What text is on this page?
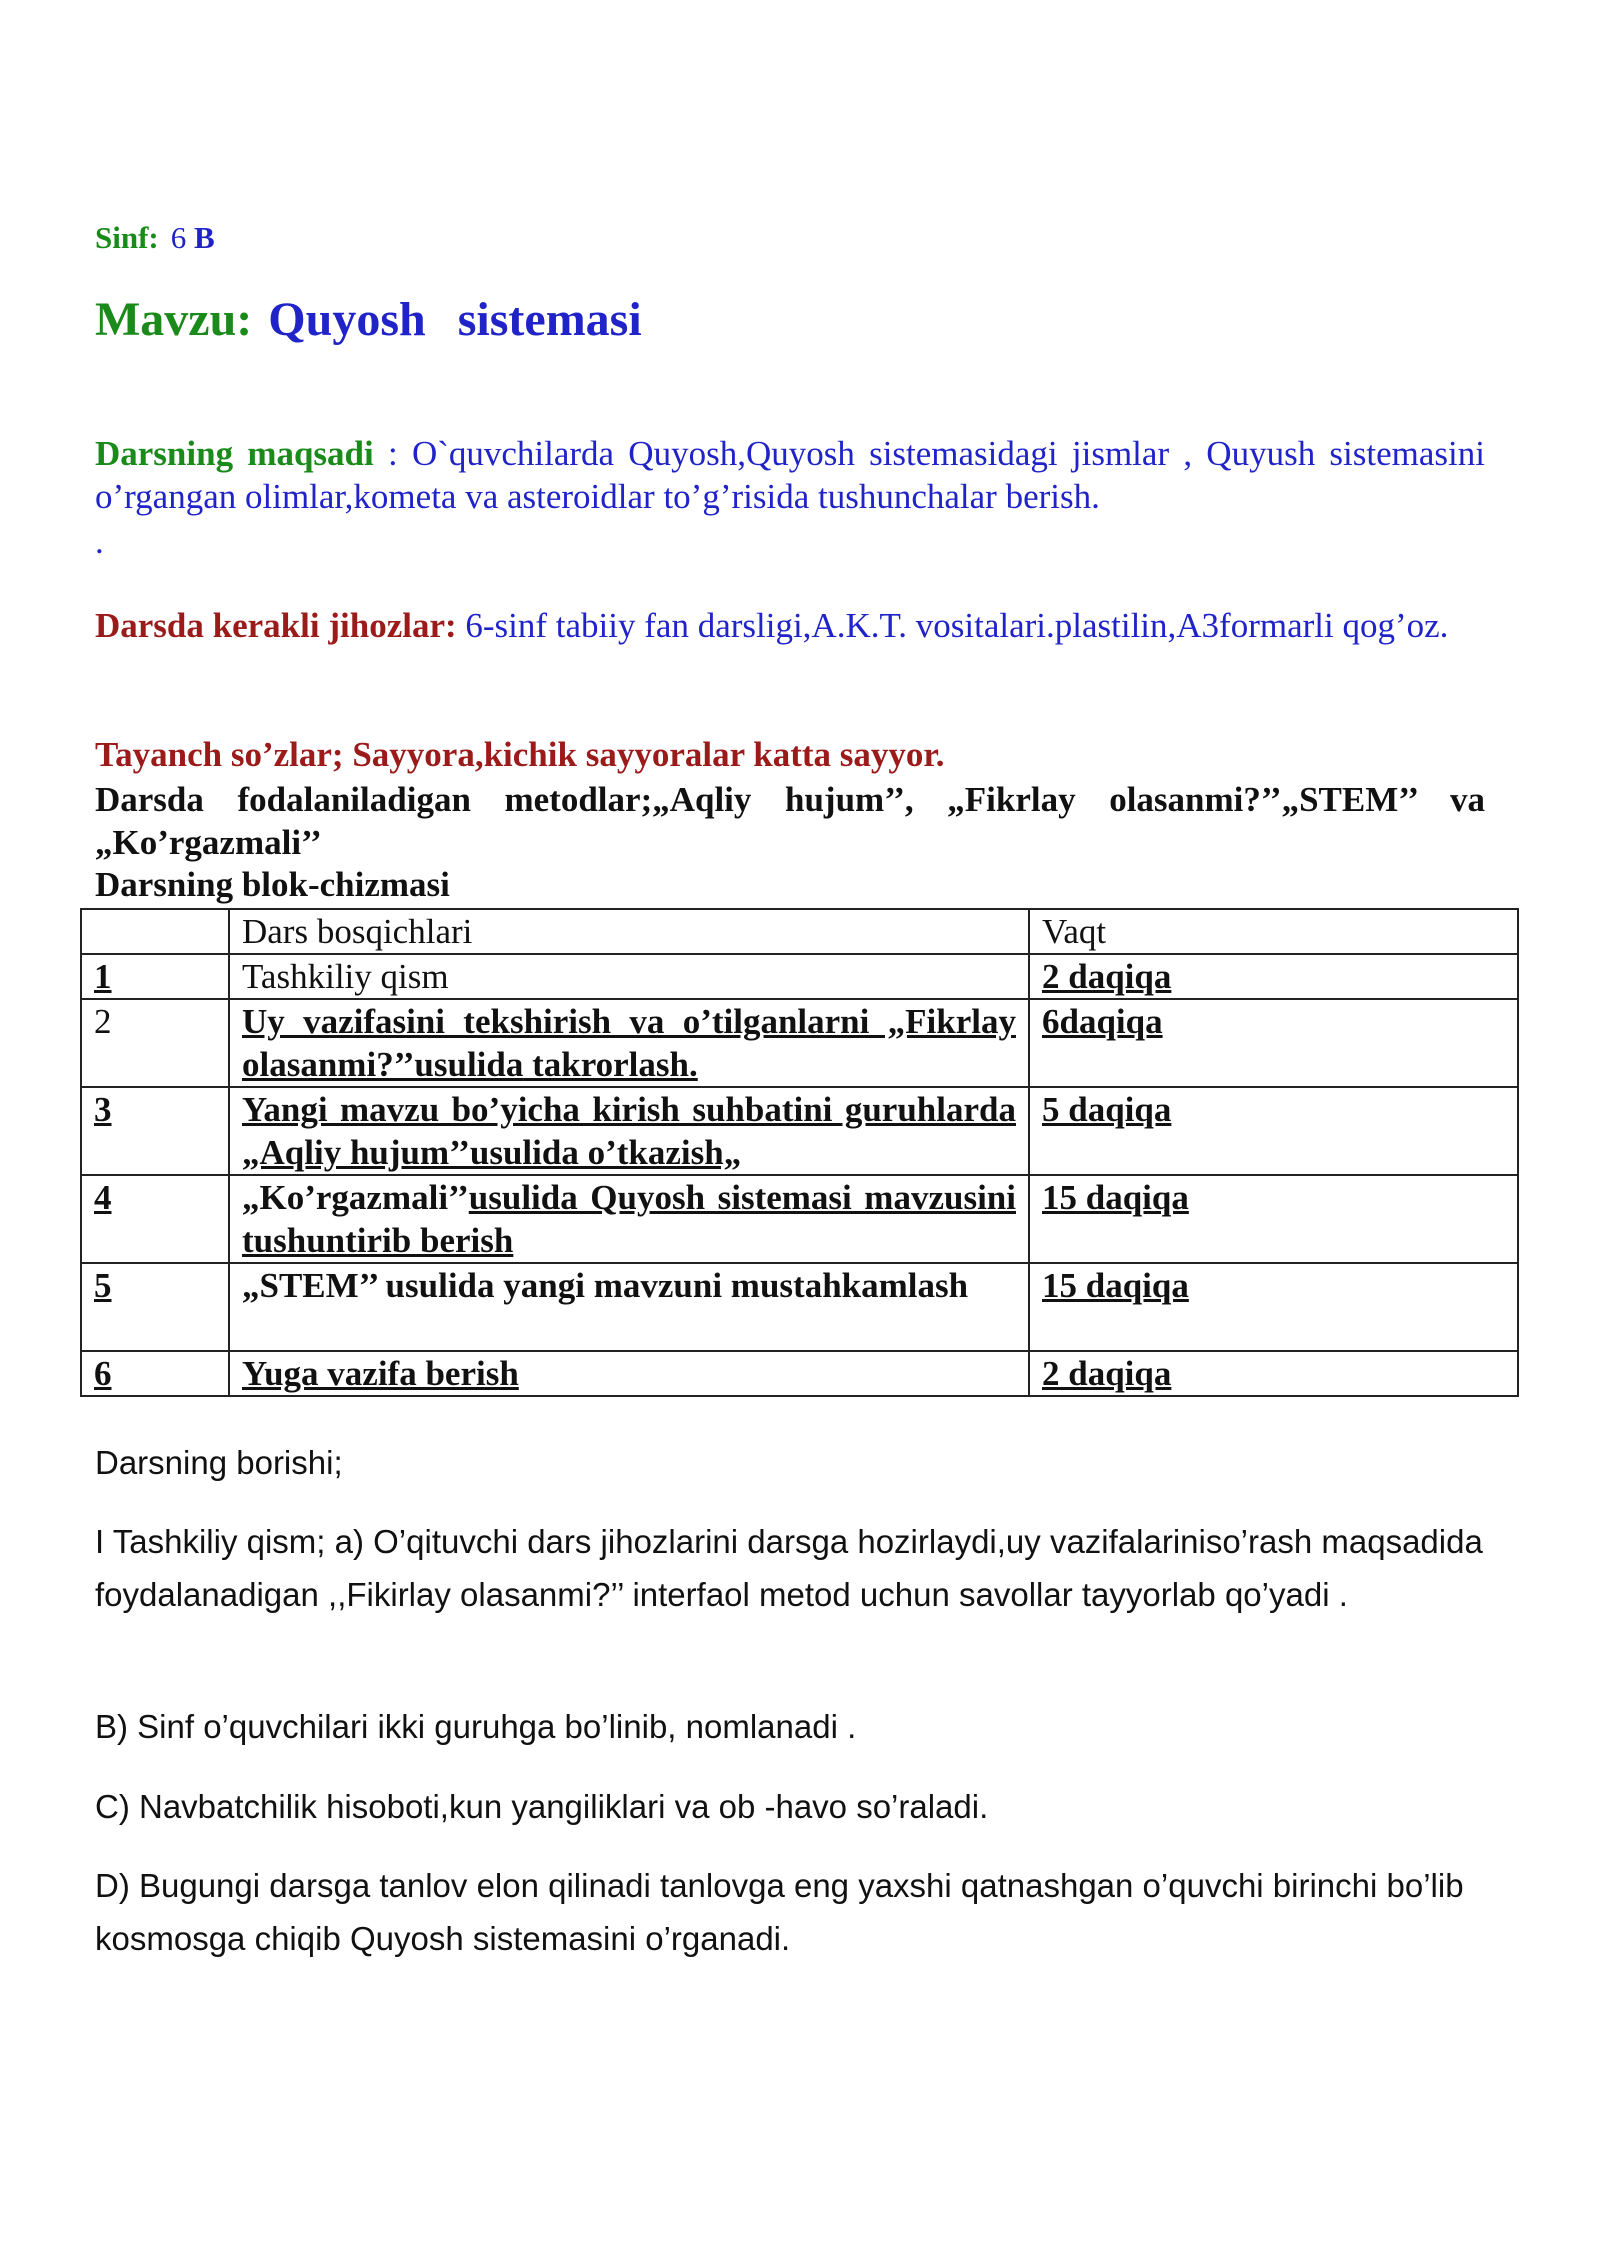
Sinf: 6 B
Mavzu: Quyosh sistemasi
Darsning maqsadi : O`quvchilarda Quyosh,Quyosh sistemasidagi jismlar , Quyush sistemasini o’rgangan olimlar,kometa va asteroidlar to’g’risida tushunchalar berish.
.
Darsda kerakli jihozlar: 6-sinf tabiiy fan darsligi,A.K.T. vositalari.plastilin,A3formarli qog’oz.
Tayanch so’zlar; Sayyora,kichik sayyoralar katta sayyor.
Darsda fodalaniladigan metodlar;„Aqliy hujum’’, „Fikrlay olasanmi?’’„STEM’’ va „Ko’rgazmali’’
Darsning blok-chizmasi
	Dars bosqichlari	Vaqt
1	Tashkiliy qism	2 daqiqa
2	Uy vazifasini tekshirish va o’tilganlarni „Fikrlay olasanmi?’’usulida takrorlash.	6daqiqa
3	Yangi mavzu bo’yicha kirish suhbatini guruhlarda „Aqliy hujum’’usulida o’tkazish„	5 daqiqa
4	„Ko’rgazmali’’usulida Quyosh sistemasi mavzusini tushuntirib berish	15 daqiqa
5	„STEM’’ usulida yangi mavzuni mustahkamlash	15 daqiqa
6	Yuga vazifa berish	2 daqiqa
Darsning borishi;
I Tashkiliy qism; a) O’qituvchi dars jihozlarini darsga hozirlaydi,uy vazifalariniso’rash maqsadida foydalanadigan ,,Fikirlay olasanmi?’’ interfaol metod uchun savollar tayyorlab qo’yadi .
B) Sinf o’quvchilari ikki guruhga bo’linib, nomlanadi .
C) Navbatchilik hisoboti,kun yangiliklari va ob -havo so’raladi.
D) Bugungi darsga tanlov elon qilinadi tanlovga eng yaxshi qatnashgan o’quvchi birinchi bo’lib kosmosga chiqib Quyosh sistemasini o’rganadi.
